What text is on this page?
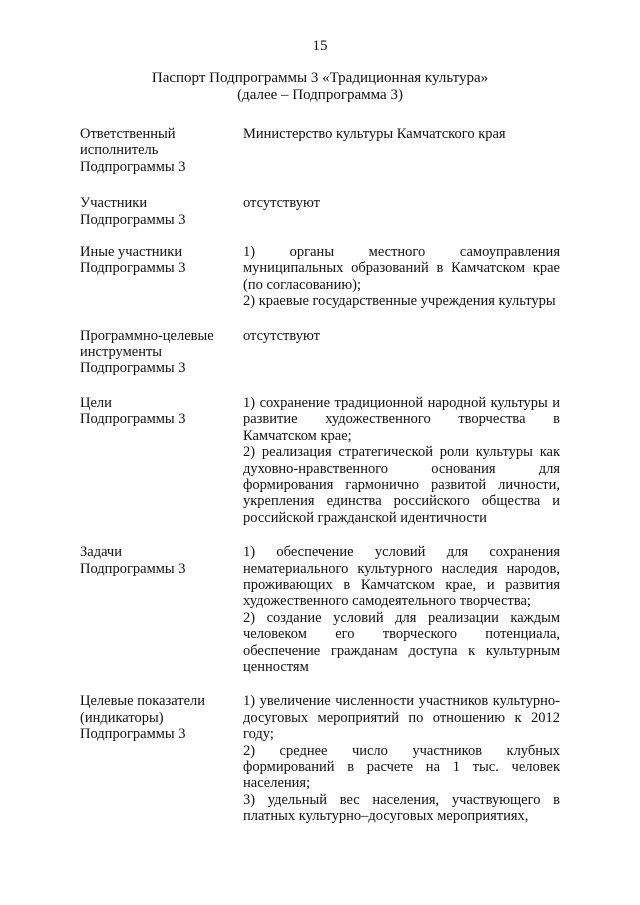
15
Паспорт Подпрограммы 3 «Традиционная культура»
(далее – Подпрограмма 3)
Ответственный
исполнитель
Подпрограммы 3
Министерство культуры Камчатского края
Участники
Подпрограммы 3
отсутствуют
Иные участники
Подпрограммы 3
1) органы местного самоуправления муниципальных образований в Камчатском крае (по согласованию);
2) краевые государственные учреждения культуры
Программно-целевые
инструменты
Подпрограммы 3
отсутствуют
Цели
Подпрограммы 3
1) сохранение традиционной народной культуры и развитие художественного творчества в Камчатском крае;
2) реализация стратегической роли культуры как духовно-нравственного основания для формирования гармонично развитой личности, укрепления единства российского общества и российской гражданской идентичности
Задачи
Подпрограммы 3
1) обеспечение условий для сохранения нематериального культурного наследия народов, проживающих в Камчатском крае, и развития художественного самодеятельного творчества;
2) создание условий для реализации каждым человеком его творческого потенциала, обеспечение гражданам доступа к культурным ценностям
Целевые показатели
(индикаторы)
Подпрограммы 3
1) увеличение численности участников культурно-досуговых мероприятий по отношению к 2012 году;
2) среднее число участников клубных формирований в расчете на 1 тыс. человек населения;
3) удельный вес населения, участвующего в платных культурно–досуговых мероприятиях,
